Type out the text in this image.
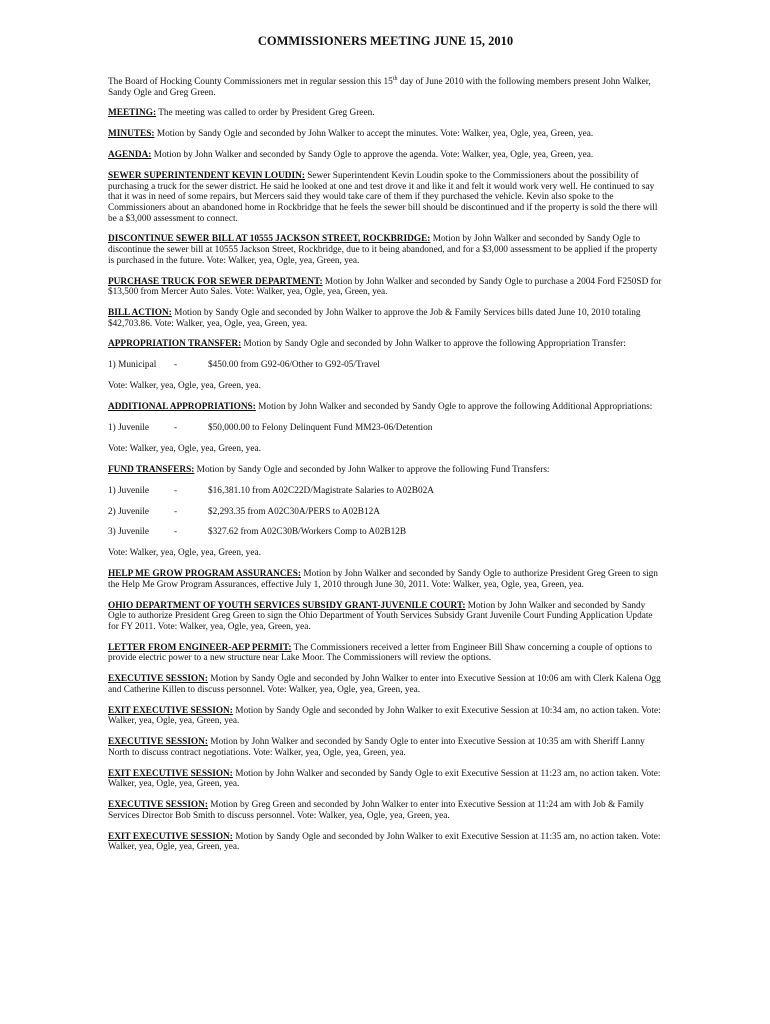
COMMISSIONERS MEETING JUNE 15, 2010

The Board of Hocking County Commissioners met in regular session this 15th day of June 2010 with the following members present John Walker, Sandy Ogle and Greg Green.

MEETING: The meeting was called to order by President Greg Green.

MINUTES: Motion by Sandy Ogle and seconded by John Walker to accept the minutes. Vote: Walker, yea, Ogle, yea, Green, yea.

AGENDA: Motion by John Walker and seconded by Sandy Ogle to approve the agenda. Vote: Walker, yea, Ogle, yea, Green, yea.

SEWER SUPERINTENDENT KEVIN LOUDIN: Sewer Superintendent Kevin Loudin spoke to the Commissioners about the possibility of purchasing a truck for the sewer district. He said he looked at one and test drove it and like it and felt it would work very well. He continued to say that it was in need of some repairs, but Mercers said they would take care of them if they purchased the vehicle. Kevin also spoke to the Commissioners about an abandoned home in Rockbridge that he feels the sewer bill should be discontinued and if the property is sold the there will be a $3,000 assessment to connect.

DISCONTINUE SEWER BILL AT 10555 JACKSON STREET, ROCKBRIDGE: Motion by John Walker and seconded by Sandy Ogle to discontinue the sewer bill at 10555 Jackson Street, Rockbridge, due to it being abandoned, and for a $3,000 assessment to be applied if the property is purchased in the future. Vote: Walker, yea, Ogle, yea, Green, yea.

PURCHASE TRUCK FOR SEWER DEPARTMENT: Motion by John Walker and seconded by Sandy Ogle to purchase a 2004 Ford F250SD for $13,500 from Mercer Auto Sales. Vote: Walker, yea, Ogle, yea, Green, yea.

BILL ACTION: Motion by Sandy Ogle and seconded by John Walker to approve the Job & Family Services bills dated June 10, 2010 totaling $42,703.86. Vote: Walker, yea, Ogle, yea, Green, yea.

APPROPRIATION TRANSFER: Motion by Sandy Ogle and seconded by John Walker to approve the following Appropriation Transfer:

1) Municipal	-	$450.00 from G92-06/Other to G92-05/Travel

Vote: Walker, yea, Ogle, yea, Green, yea.

ADDITIONAL APPROPRIATIONS: Motion by John Walker and seconded by Sandy Ogle to approve the following Additional Appropriations:

1) Juvenile	-	$50,000.00 to Felony Delinquent Fund MM23-06/Detention

Vote: Walker, yea, Ogle, yea, Green, yea.

FUND TRANSFERS: Motion by Sandy Ogle and seconded by John Walker to approve the following Fund Transfers:

1) Juvenile	-	$16,381.10 from A02C22D/Magistrate Salaries to A02B02A

2) Juvenile	-	$2,293.35 from A02C30A/PERS to A02B12A

3) Juvenile	-	$327.62 from A02C30B/Workers Comp to A02B12B

Vote: Walker, yea, Ogle, yea, Green, yea.

HELP ME GROW PROGRAM ASSURANCES: Motion by John Walker and seconded by Sandy Ogle to authorize President Greg Green to sign the Help Me Grow Program Assurances, effective July 1, 2010 through June 30, 2011. Vote: Walker, yea, Ogle, yea, Green, yea.

OHIO DEPARTMENT OF YOUTH SERVICES SUBSIDY GRANT-JUVENILE COURT: Motion by John Walker and seconded by Sandy Ogle to authorize President Greg Green to sign the Ohio Department of Youth Services Subsidy Grant Juvenile Court Funding Application Update for FY 2011. Vote: Walker, yea, Ogle, yea, Green, yea.

LETTER FROM ENGINEER-AEP PERMIT: The Commissioners received a letter from Engineer Bill Shaw concerning a couple of options to provide electric power to a new structure near Lake Moor. The Commissioners will review the options.

EXECUTIVE SESSION: Motion by Sandy Ogle and seconded by John Walker to enter into Executive Session at 10:06 am with Clerk Kalena Ogg and Catherine Killen to discuss personnel. Vote: Walker, yea, Ogle, yea, Green, yea.

EXIT EXECUTIVE SESSION: Motion by Sandy Ogle and seconded by John Walker to exit Executive Session at 10:34 am, no action taken. Vote: Walker, yea, Ogle, yea, Green, yea.

EXECUTIVE SESSION: Motion by John Walker and seconded by Sandy Ogle to enter into Executive Session at 10:35 am with Sheriff Lanny North to discuss contract negotiations. Vote: Walker, yea, Ogle, yea, Green, yea.

EXIT EXECUTIVE SESSION: Motion by John Walker and seconded by Sandy Ogle to exit Executive Session at 11:23 am, no action taken. Vote: Walker, yea, Ogle, yea, Green, yea.

EXECUTIVE SESSION: Motion by Greg Green and seconded by John Walker to enter into Executive Session at 11:24 am with Job & Family Services Director Bob Smith to discuss personnel. Vote: Walker, yea, Ogle, yea, Green, yea.

EXIT EXECUTIVE SESSION: Motion by Sandy Ogle and seconded by John Walker to exit Executive Session at 11:35 am, no action taken. Vote: Walker, yea, Ogle, yea, Green, yea.
